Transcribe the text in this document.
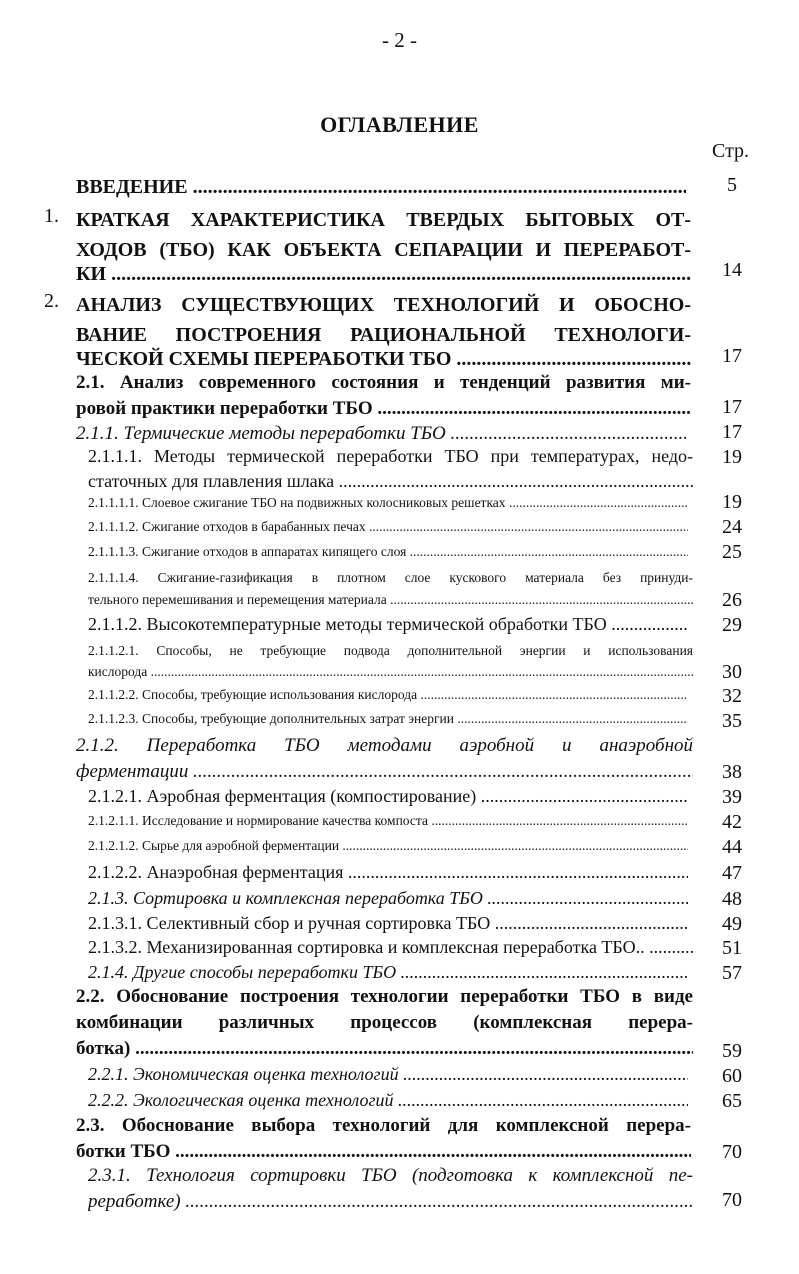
- 2 -
ОГЛАВЛЕНИЕ
Стр.
ВВЕДЕНИЕ .....	5
1. КРАТКАЯ ХАРАКТЕРИСТИКА ТВЕРДЫХ БЫТОВЫХ ОТ-ХОДОВ (ТБО) КАК ОБЪЕКТА СЕПАРАЦИИ И ПЕРЕРАБОТ-
КИ .....	14
2. АНАЛИЗ СУЩЕСТВУЮЩИХ ТЕХНОЛОГИЙ И ОБОСНО-ВАНИЕ ПОСТРОЕНИЯ РАЦИОНАЛЬНОЙ ТЕХНОЛОГИ-
ЧЕСКОЙ СХЕМЫ ПЕРЕРАБОТКИ ТБО .....	17
2.1. Анализ современного состояния и тенденций развития ми-
ровой практики переработки ТБО .....	17
2.1.1. Термические методы переработки ТБО .....	17
2.1.1.1. Методы термической переработки ТБО при температурах, недо-
статочных для плавления шлака .....
19
2.1.1.1.1. Слоевое сжигание ТБО на подвижных колосниковых решетках .....	19
2.1.1.1.2. Сжигание отходов в барабанных печах .....	24
2.1.1.1.3. Сжигание отходов в аппаратах кипящего слоя .....	25
2.1.1.1.4. Сжигание-газификация в плотном слое кускового материала без принуди-
тельного перемешивания и перемещения материала .....	26
2.1.1.2. Высокотемпературные методы термической обработки ТБО .....	29
2.1.1.2.1. Способы, не требующие подвода дополнительной энергии и использования
кислорода .....	30
2.1.1.2.2. Способы, требующие использования кислорода .....	32
2.1.1.2.3. Способы, требующие дополнительных затрат энергии .....	35
2.1.2. Переработка ТБО методами аэробной и анаэробной
ферментации .....	38
2.1.2.1. Аэробная ферментация (компостирование) .....	39
2.1.2.1.1. Исследование и нормирование качества компоста .....	42
2.1.2.1.2. Сырье для аэробной ферментации .....	44
2.1.2.2. Анаэробная ферментация .....	47
2.1.3. Сортировка и комплексная переработка ТБО .....	48
2.1.3.1. Селективный сбор и ручная сортировка ТБО .....	49
2.1.3.2. Механизированная сортировка и комплексная переработка ТБО.. .....	51
2.1.4. Другие способы переработки ТБО .....	57
2.2. Обоснование построения технологии переработки ТБО в виде комбинации различных процессов (комплексная перера-
ботка) .....	59
2.2.1. Экономическая оценка технологий .....	60
2.2.2. Экологическая оценка технологий .....	65
2.3. Обоснование выбора технологий для комплексной перера-
ботки ТБО .....	70
2.3.1. Технология сортировки ТБО (подготовка к комплексной пе-
реработке) .....	70
